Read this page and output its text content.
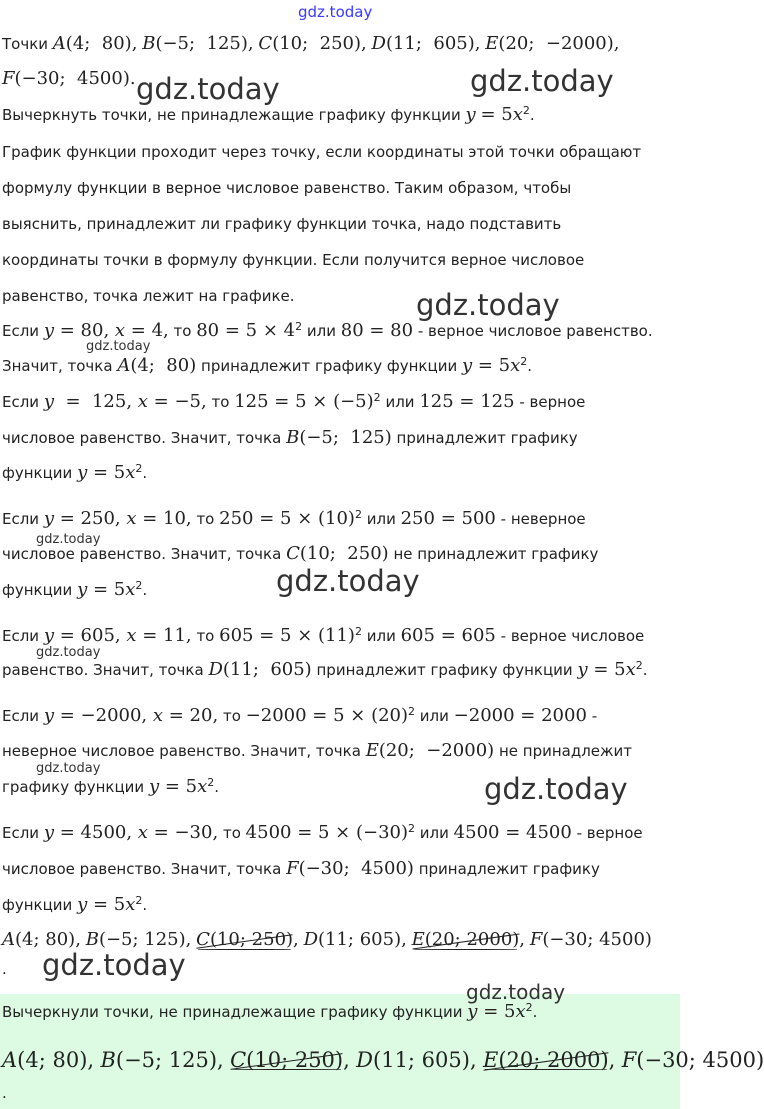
gdz.today
Точки A(4;  80), B(−5;  125), C(10;  250), D(11;  605), E(20;  −2000),
F(−30;  4500). gdz.today	gdz.today
Вычеркнуть точки, не принадлежащие графику функции $y = 5x^2$.
График функции проходит через точку, если координаты этой точки обращают
формулу функции в верное числовое равенство. Таким образом, чтобы
выяснить, принадлежит ли графику функции точка, надо подставить
координаты точки в формулу функции. Если получится верное числовое
равенство, точка лежит на графике.	gdz.today
Если y = 80, x = 4, то $80 = 5 \times 4^2$ или 80 = 80 - верное числовое равенство.
gdz.today
Значит, точка A(4;  80) принадлежит графику функции $y = 5x^2$.
Если y  =  125, x = −5, то $125 = 5 \times (-5)^2$ или 125 = 125 - верное
числовое равенство. Значит, точка B(−5;  125) принадлежит графику
функции $y = 5x^2$.
Если y = 250, x = 10, то $250 = 5 \times (10)^2$ или 250 = 500 - неверное
gdz.today
числовое равенство. Значит, точка C(10;  250) не принадлежит графику
функции $y = 5x^2$.	gdz.today
Если y = 605, x = 11, то $605 = 5 \times (11)^2$ или 605 = 605 - верное числовое
gdz.today
равенство. Значит, точка D(11;  605) принадлежит графику функции $y = 5x^2$.
Если y = −2000, x = 20, то $-2000 = 5 \times (20)^2$ или −2000 = 2000 -
неверное числовое равенство. Значит, точка E(20;  −2000) не принадлежит
gdz.today
графику функции $y = 5x^2$.	gdz.today
Если y = 4500, x = −30, то $4500 = 5 \times (-30)^2$ или 4500 = 4500 - верное
числовое равенство. Значит, точка F(−30;  4500) принадлежит графику
функции $y = 5x^2$.
A(4; 80), B(−5; 125), C(10; 250), D(11; 605), E(20; 2000), F(−30; 4500)
. gdz.today
gdz.today
Вычеркнули точки, не принадлежащие графику функции $y = 5x^2$.
A(4; 80), B(−5; 125), C(10; 250), D(11; 605), E(20; 2000), F(−30; 4500)
.
